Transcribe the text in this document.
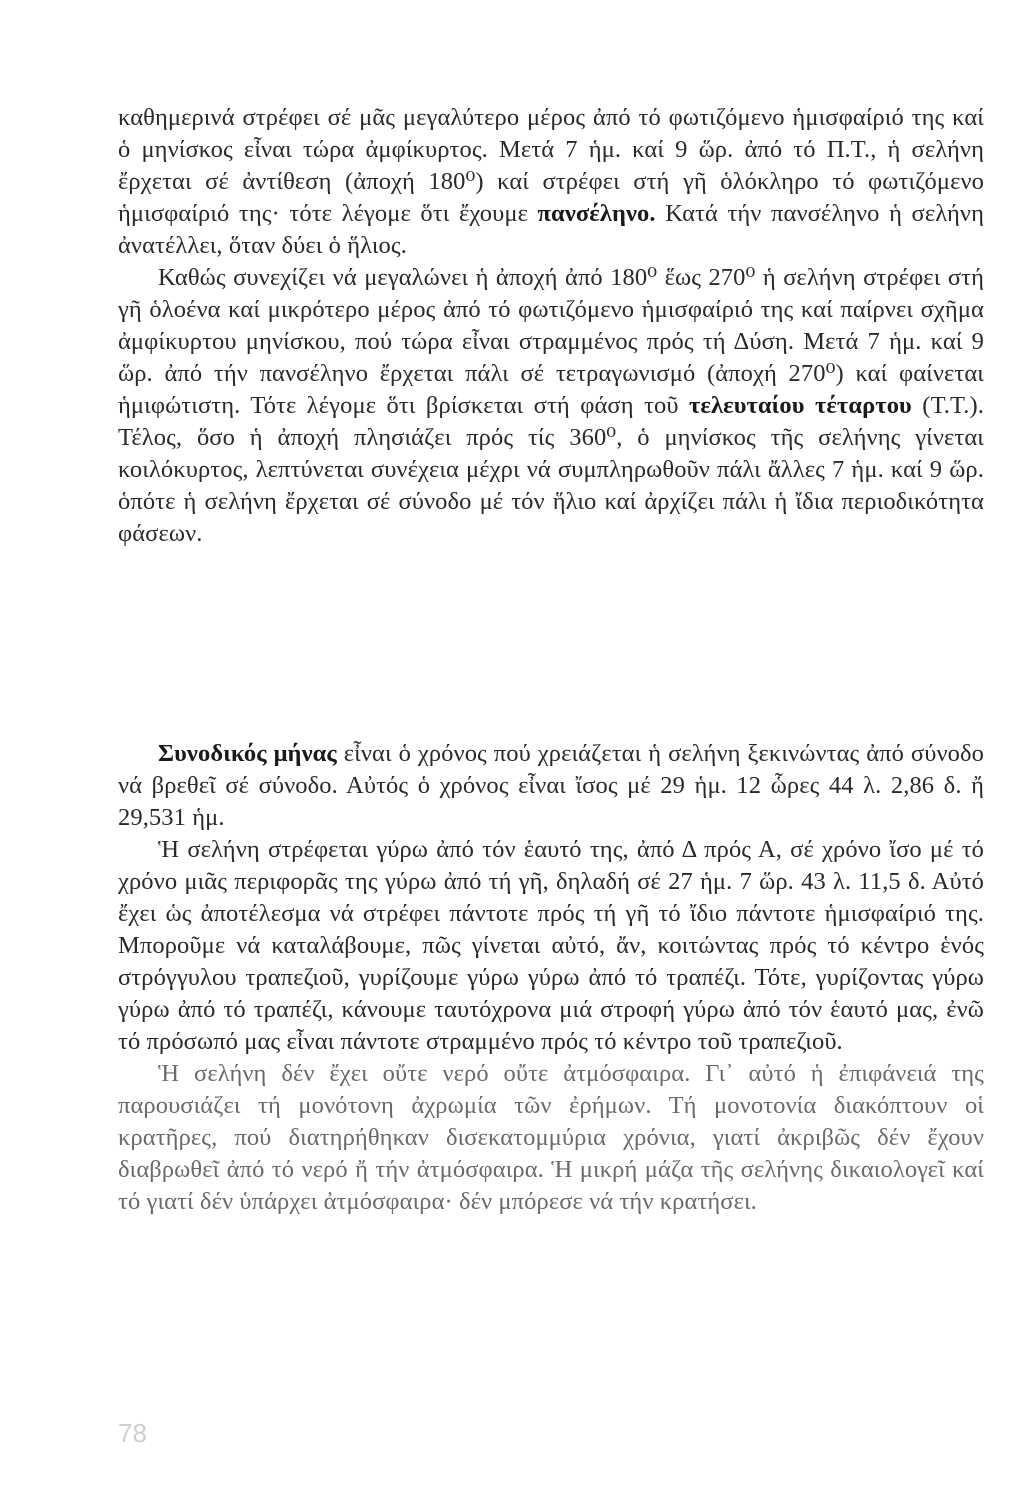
καθημερινά στρέφει σέ μᾶς μεγαλύτερο μέρος ἀπό τό φωτιζόμενο ἡμισφαίριό της καί ὁ μηνίσκος εἶναι τώρα ἀμφίκυρτος. Μετά 7 ἡμ. καί 9 ὥρ. ἀπό τό Π.Τ., ἡ σελήνη ἔρχεται σέ ἀντίθεση (ἀποχή 180⁰) καί στρέφει στή γῆ ὁλόκληρο τό φωτιζόμενο ἡμισφαίριό της· τότε λέγομε ὅτι ἔχουμε πανσέληνο. Κατά τήν πανσέληνο ἡ σελήνη ἀνατέλλει, ὅταν δύει ὁ ἥλιος.

Καθώς συνεχίζει νά μεγαλώνει ἡ ἀποχή ἀπό 180⁰ ἕως 270⁰ ἡ σελήνη στρέφει στή γῆ ὁλοένα καί μικρότερο μέρος ἀπό τό φωτιζόμενο ἡμισφαίριό της καί παίρνει σχῆμα ἀμφίκυρτου μηνίσκου, πού τώρα εἶναι στραμμένος πρός τή Δύση. Μετά 7 ἡμ. καί 9 ὥρ. ἀπό τήν πανσέληνο ἔρχεται πάλι σέ τετραγωνισμό (ἀποχή 270⁰) καί φαίνεται ἡμιφώτιστη. Τότε λέγομε ὅτι βρίσκεται στή φάση τοῦ τελευταίου τέταρτου (Τ.Τ.). Τέλος, ὅσο ἡ ἀποχή πλησιάζει πρός τίς 360⁰, ὁ μηνίσκος τῆς σελήνης γίνεται κοιλόκυρτος, λεπτύνεται συνέχεια μέχρι νά συμπληρωθοῦν πάλι ἄλλες 7 ἡμ. καί 9 ὥρ. ὁπότε ἡ σελήνη ἔρχεται σέ σύνοδο μέ τόν ἥλιο καί ἀρχίζει πάλι ἡ ἴδια περιοδικότητα φάσεων.

Συνοδικός μήνας εἶναι ὁ χρόνος πού χρειάζεται ἡ σελήνη ξεκινώντας ἀπό σύνοδο νά βρεθεῖ σέ σύνοδο. Αὐτός ὁ χρόνος εἶναι ἴσος μέ 29 ἡμ. 12 ὧρες 44 λ. 2,86 δ. ἤ 29,531 ἡμ.

Ἡ σελήνη στρέφεται γύρω ἀπό τόν ἑαυτό της, ἀπό Δ πρός Α, σέ χρόνο ἴσο μέ τό χρόνο μιᾶς περιφορᾶς της γύρω ἀπό τή γῆ, δηλαδή σέ 27 ἡμ. 7 ὥρ. 43 λ. 11,5 δ. Αὐτό ἔχει ὡς ἀποτέλεσμα νά στρέφει πάντοτε πρός τή γῆ τό ἴδιο πάντοτε ἡμισφαίριό της. Μποροῦμε νά καταλάβουμε, πῶς γίνεται αὐτό, ἄν, κοιτώντας πρός τό κέντρο ἑνός στρόγγυλου τραπεζιοῦ, γυρίζουμε γύρω γύρω ἀπό τό τραπέζι. Τότε, γυρίζοντας γύρω γύρω ἀπό τό τραπέζι, κάνουμε ταυτόχρονα μιά στροφή γύρω ἀπό τόν ἑαυτό μας, ἐνῶ τό πρόσωπό μας εἶναι πάντοτε στραμμένο πρός τό κέντρο τοῦ τραπεζιοῦ.

Ἡ σελήνη δέν ἔχει οὔτε νερό οὔτε ἀτμόσφαιρα. Γι᾽ αὐτό ἡ ἐπιφάνειά της παρουσιάζει τή μονότονη ἀχρωμία τῶν ἐρήμων. Τή μονοτονία διακόπτουν οἱ κρατῆρες, πού διατηρήθηκαν δισεκατομμύρια χρόνια, γιατί ἀκριβῶς δέν ἔχουν διαβρωθεῖ ἀπό τό νερό ἤ τήν ἀτμόσφαιρα. Ἡ μικρή μάζα τῆς σελήνης δικαιολογεῖ καί τό γιατί δέν ὑπάρχει ἀτμόσφαιρα· δέν μπόρεσε νά τήν κρατήσει.

78
